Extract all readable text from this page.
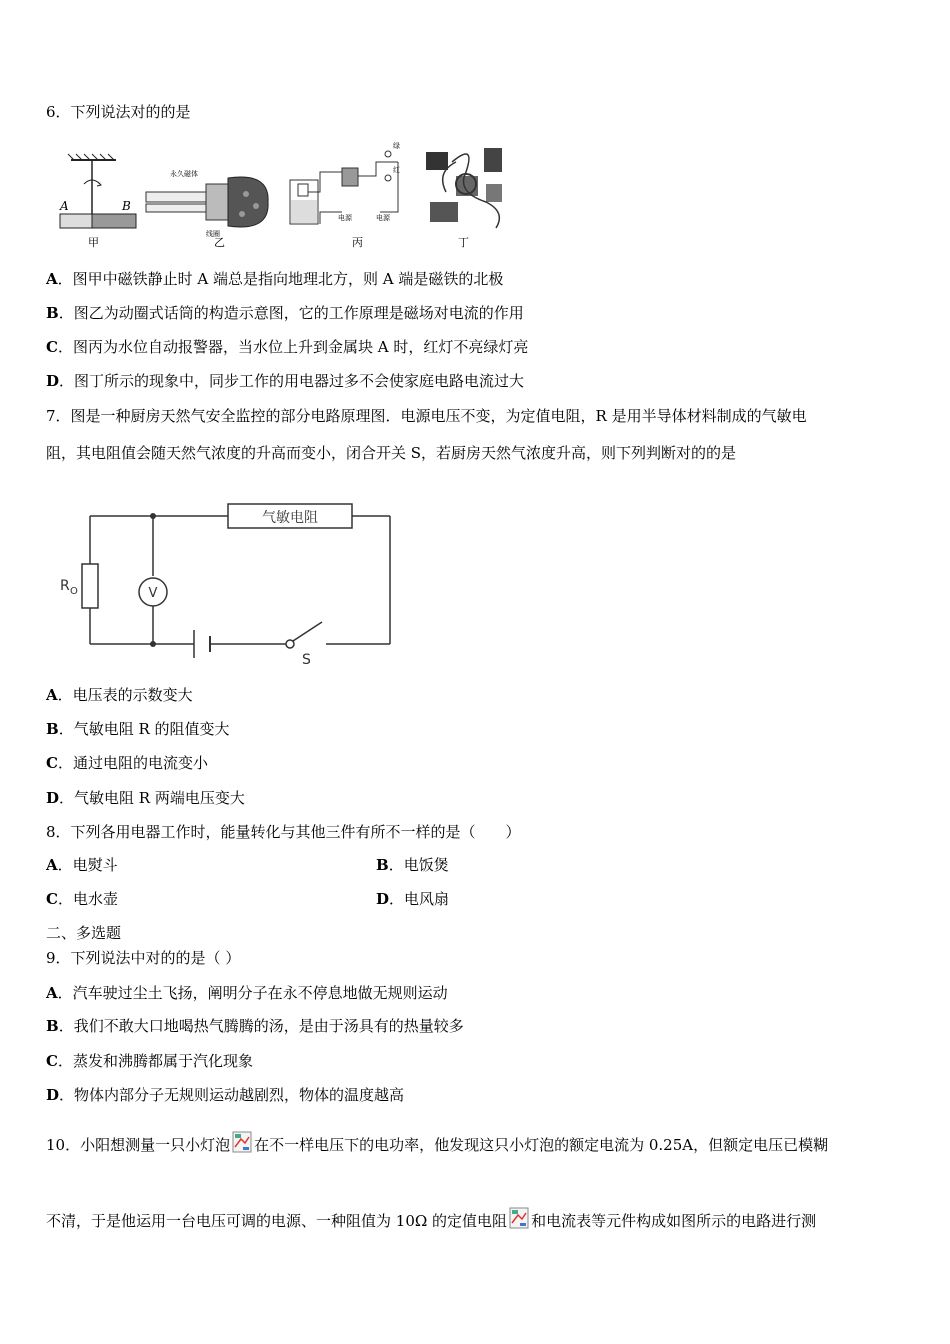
6．下列说法对的的是
A	B
甲
永久磁体
线圈
乙
绿
红
电源	电源
丙	丁
A．图甲中磁铁静止时 A 端总是指向地理北方，则 A 端是磁铁的北极
B．图乙为动圈式话筒的构造示意图，它的工作原理是磁场对电流的作用
C．图丙为水位自动报警器，当水位上升到金属块 A 时，红灯不亮绿灯亮
D．图丁所示的现象中，同步工作的用电器过多不会使家庭电路电流过大
7．图是一种厨房天然气安全监控的部分电路原理图．电源电压不变，为定值电阻，R 是用半导体材料制成的气敏电
阻，其电阻值会随天然气浓度的升高而变小，闭合开关 S，若厨房天然气浓度升高，则下列判断对的的是
气敏电阻
R O	V
S
A．电压表的示数变大
B．气敏电阻 R 的阻值变大
C．通过电阻的电流变小
D．气敏电阻 R 两端电压变大
8．下列各用电器工作时，能量转化与其他三件有所不一样的是（　　）
A．电熨斗	B．电饭煲
C．电水壶	D．电风扇
二、多选题
9．下列说法中对的的是（ ）
A．汽车驶过尘土飞扬，阐明分子在永不停息地做无规则运动
B．我们不敢大口地喝热气腾腾的汤，是由于汤具有的热量较多
C．蒸发和沸腾都属于汽化现象
D．物体内部分子无规则运动越剧烈，物体的温度越高
10．小阳想测量一只小灯泡 在不一样电压下的电功率，他发现这只小灯泡的额定电流为 0.25A，但额定电压已模糊
不清，于是他运用一台电压可调的电源、一种阻值为 10Ω 的定值电阻 和电流表等元件构成如图所示的电路进行测
